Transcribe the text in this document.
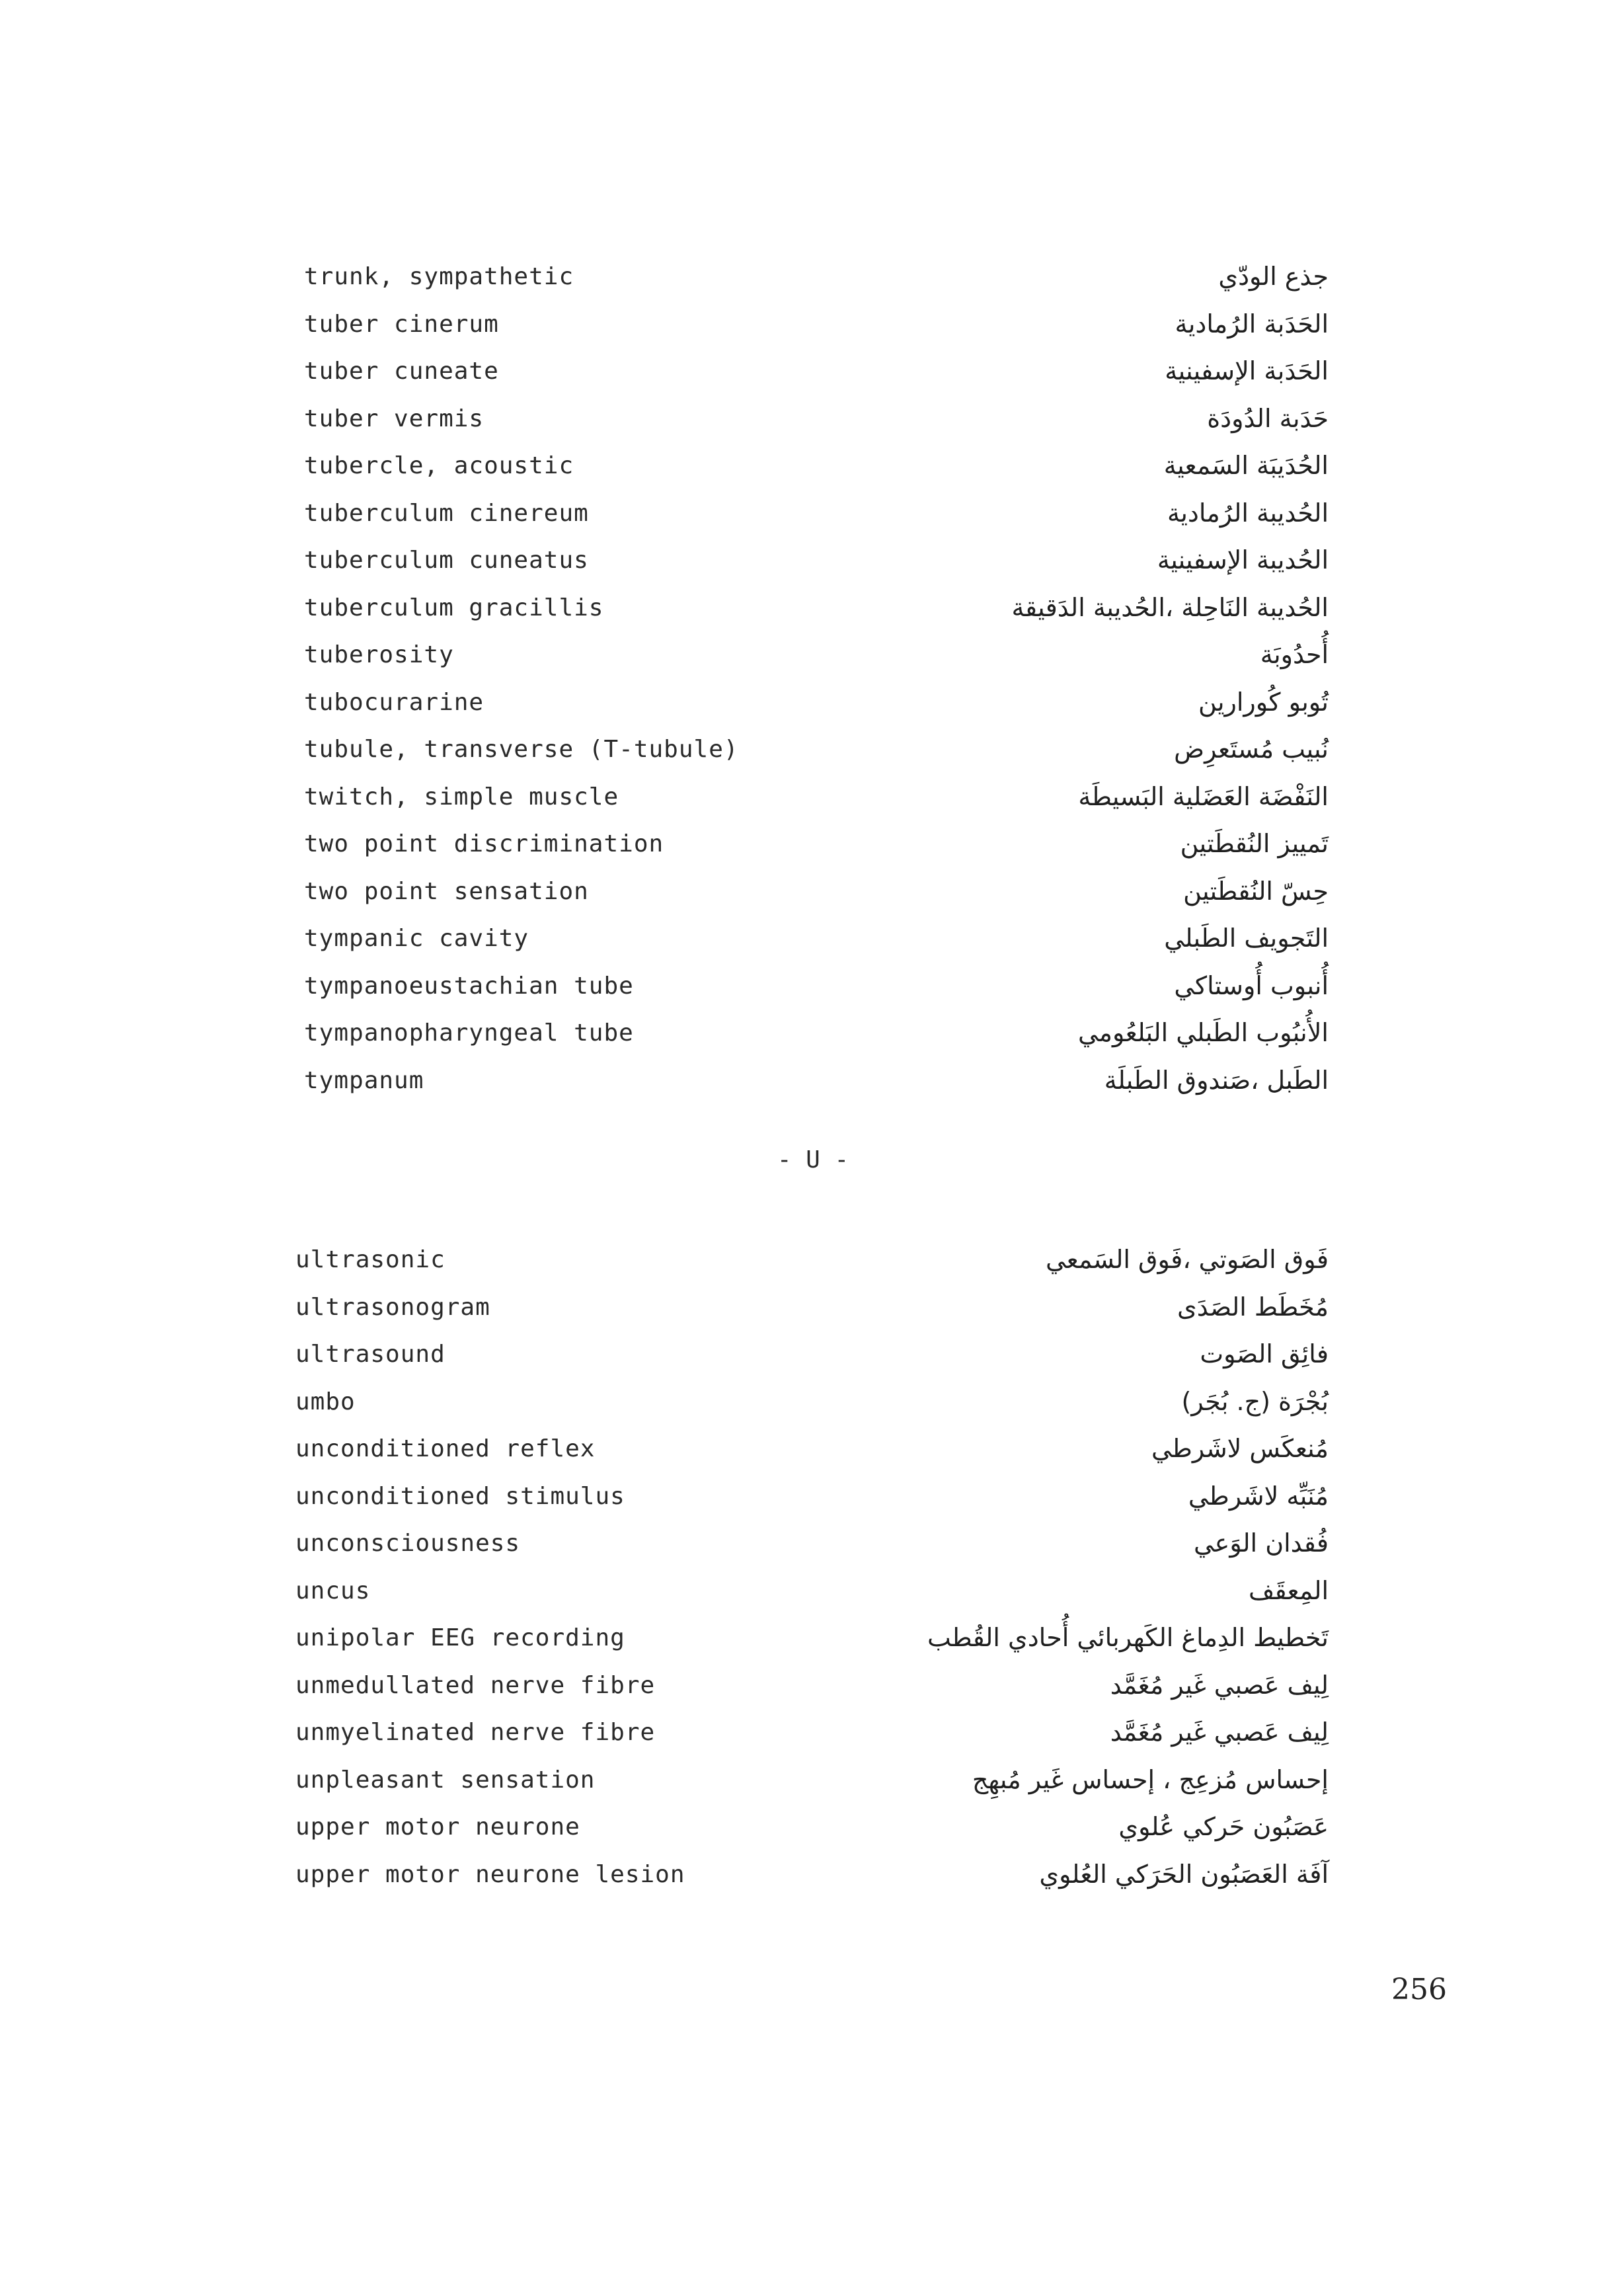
trunk, sympathetic	جذع الودّي
tuber cinerum	الحَدَبة الرُمادية
tuber cuneate	الحَدَبة الإسفينية
tuber vermis	حَدَبة الدُودَة
tubercle, acoustic	الحُدَيبَة السَمعية
tuberculum cinereum	الحُديبة الرُمادية
tuberculum cuneatus	الحُديبة الإسفينية
tuberculum gracillis	الحُديبة النَاحِلة ،الحُديبة الدَقيقة
tuberosity	أُحدُوبَة
tubocurarine	تُوبو كُورارين
tubule, transverse (T-tubule)	نُبيب مُستَعرِض
twitch, simple muscle	النَفْضَة العَضَلية البَسيطَة
two point discrimination	تَمييز النُقطَتين
two point sensation	حِسّ النُقطَتين
tympanic cavity	التَجويف الطَبلي
tympanoeustachian tube	أُنبوب أُوستاكي
tympanopharyngeal tube	الأُنبُوب الطَبلي البَلعُومي
tympanum	الطَبل ،صَندوق الطَبلَة
- U -
ultrasonic	فَوق الصَوتي ،فَوق السَمعي
ultrasonogram	مُخَطَط الصَدَى
ultrasound	فائِق الصَوت
umbo	بُجْرَة (ج. بُجَر)
unconditioned reflex	مُنعكَس لاشَرطي
unconditioned stimulus	مُنَبِّه لاشَرطي
unconsciousness	فُقدان الوَعي
uncus	المِعقَف
unipolar EEG recording	تَخطيط الدِماغ الكَهربائي أُحادي القُطب
unmedullated nerve fibre	لِيف عَصبي غَير مُغَمَّد
unmyelinated nerve fibre	لِيف عَصبي غَير مُغَمَّد
unpleasant sensation	إحساس مُزعِج ، إحساس غَير مُبهِج
upper motor neurone	عَصَبُون حَركي عُلوي
upper motor neurone lesion	آفَة العَصَبُون الحَرَكي العُلوي
256
